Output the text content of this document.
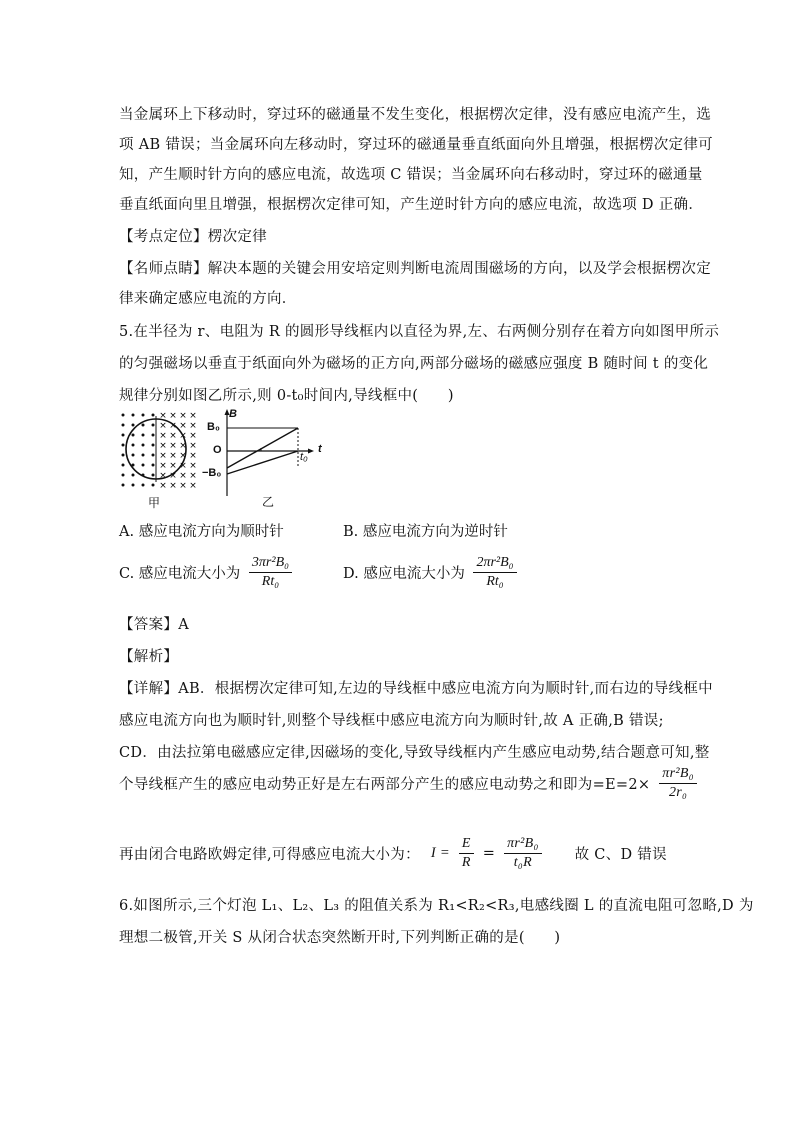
当金属环上下移动时，穿过环的磁通量不发生变化，根据楞次定律，没有感应电流产生，选
项 AB 错误；当金属环向左移动时，穿过环的磁通量垂直纸面向外且增强，根据楞次定律可
知，产生顺时针方向的感应电流，故选项 C 错误；当金属环向右移动时，穿过环的磁通量
垂直纸面向里且增强，根据楞次定律可知，产生逆时针方向的感应电流，故选项 D 正确．
【考点定位】楞次定律
【名师点睛】解决本题的关键会用安培定则判断电流周围磁场的方向，以及学会根据楞次定
律来确定感应电流的方向．
5.在半径为 r、电阻为 R 的圆形导线框内以直径为界,左、右两侧分别存在着方向如图甲所示
的匀强磁场以垂直于纸面向外为磁场的正方向,两部分磁场的磁感应强度 B 随时间 t 的变化
规律分别如图乙所示,则 0-t₀时间内,导线框中(　　)
× × × ×
× × × ×
× × × ×
× × × ×
× × × ×
× × × ×
× × × ×
× × × ×
甲
B
B₀
O
−B₀
t₀
t
乙
A. 感应电流方向为顺时针	B. 感应电流方向为逆时针
C. 感应电流大小为 $\frac{\text{3πr²B₀}}{\text{Rt₀}}$	D. 感应电流大小为 $\frac{\text{2πr²B₀}}{\text{Rt₀}}$
【答案】A
【解析】
【详解】AB．根据楞次定律可知,左边的导线框中感应电流方向为顺时针,而右边的导线框中
感应电流方向也为顺时针,则整个导线框中感应电流方向为顺时针,故 A 正确,B 错误;
CD．由法拉第电磁感应定律,因磁场的变化,导致导线框内产生感应电动势,结合题意可知,整
个导线框产生的感应电动势正好是左右两部分产生的感应电动势之和即为$=E=2\times \frac{\text{πr²B₀}}{\text{2r₀}}$
再由闭合电路欧姆定律,可得感应电流大小为： $I = \frac{E}{R} = \frac{\text{πr²B₀}}{\text{t₀R}}$ 故 C、D 错误
6.如图所示,三个灯泡 L₁、L₂、L₃ 的阻值关系为 R₁<R₂<R₃,电感线圈 L 的直流电阻可忽略,D 为
理想二极管,开关 S 从闭合状态突然断开时,下列判断正确的是(　　)
